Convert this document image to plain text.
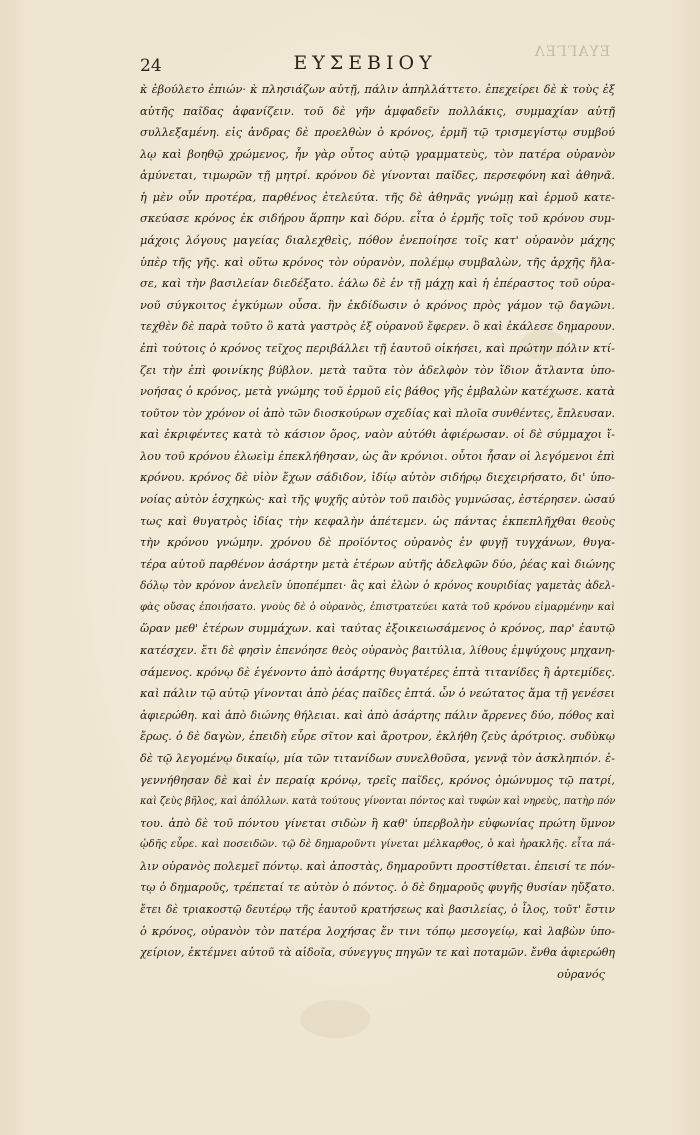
ΕΥΑΓΓΕΛ
24	ΕΥΣΕΒΙΟΥ
κ̀ ἐβούλετο ἐπιών· κ̀ πλησιάζων αὐτῇ, πάλιν ἀπηλλάττετο. ἐπεχείρει δὲ κ̀ τοὺς ἐξ
αὐτῆς παῖδας ἀφανίζειν. τοῦ δὲ γῆν ἀμφαδεῖν πολλάκις, συμμαχίαν αὐτῇ
συλλεξαμένη. εἰς ἀνδρας δὲ προελθὼν ὁ κρόνος, ἑρμῆ τῷ τρισμεγίστῳ συμβού
λῳ καὶ βοηθῷ χρώμενος, ἦν γὰρ οὗτος αὐτῷ γραμματεὺς, τὸν πατέρα οὐρανὸν
ἀμύνεται, τιμωρῶν τῇ μητρί. κρόνου δὲ γίνονται παῖδες, περσεφόνη καὶ ἀθηνᾶ.
ἡ μὲν οὖν προτέρα, παρθένος ἐτελεύτα. τῆς δὲ ἀθηνᾶς γνώμῃ καὶ ἑρμοῦ κατε-
σκεύασε κρόνος ἐκ σιδήρου ἅρπην καὶ δόρυ. εἶτα ὁ ἑρμῆς τοῖς τοῦ κρόνου συμ-
μάχοις λόγους μαγείας διαλεχθεὶς, πόθον ἐνεποίησε τοῖς κατ' οὐρανὸν μάχης
ὑπὲρ τῆς γῆς. καὶ οὕτω κρόνος τὸν οὐρανὸν, πολέμῳ συμβαλὼν, τῆς ἀρχῆς ἤλα-
σε, καὶ τὴν βασιλείαν διεδέξατο. ἑάλω δὲ ἐν τῇ μάχῃ καὶ ἡ ἐπέραστος τοῦ οὐρα-
νοῦ σύγκοιτος ἐγκύμων οὖσα. ἣν ἐκδίδωσιν ὁ κρόνος πρὸς γάμον τῷ δαγῶνι.
τεχθὲν δὲ παρὰ τοῦτο ὃ κατὰ γαστρὸς ἐξ οὐρανοῦ ἔφερεν. ὃ καὶ ἐκάλεσε δημαρουν.
ἐπὶ τούτοις ὁ κρόνος τεῖχος περιβάλλει τῇ ἑαυτοῦ οἰκήσει, καὶ πρώτην πόλιν κτί-
ζει τὴν ἐπὶ φοινίκης βύβλον. μετὰ ταῦτα τὸν ἀδελφὸν τὸν ἴδιον ἄτλαντα ὑπο-
νοήσας ὁ κρόνος, μετὰ γνώμης τοῦ ἑρμοῦ εἰς βάθος γῆς ἐμβαλὼν κατέχωσε. κατὰ
τοῦτον τὸν χρόνον οἱ ἀπὸ τῶν διοσκούρων σχεδίας καὶ πλοῖα συνθέντες, ἔπλευσαν.
καὶ ἐκριφέντες κατὰ τὸ κάσιον ὄρος, ναὸν αὐτόθι ἀφιέρωσαν. οἱ δὲ σύμμαχοι ἴ-
λου τοῦ κρόνου ἐλωεὶμ ἐπεκλήθησαν, ὡς ἂν κρόνιοι. οὗτοι ἦσαν οἱ λεγόμενοι ἐπὶ
κρόνου. κρόνος δὲ υἱὸν ἔχων σάδιδον, ἰδίῳ αὐτὸν σιδήρῳ διεχειρήσατο, δι' ὑπο-
νοίας αὐτὸν ἐσχηκὼς· καὶ τῆς ψυχῆς αὐτὸν τοῦ παιδὸς γυμνώσας, ἐστέρησεν. ὡσαύ
τως καὶ θυγατρὸς ἰδίας τὴν κεφαλὴν ἀπέτεμεν. ὡς πάντας ἐκπεπλῆχθαι θεοὺς
τὴν κρόνου γνώμην. χρόνου δὲ προϊόντος οὐρανὸς ἐν φυγῇ τυγχάνων, θυγα-
τέρα αὐτοῦ παρθένον ἀσάρτην μετὰ ἑτέρων αὐτῆς ἀδελφῶν δύο, ῥέας καὶ διώνης
δόλῳ τὸν κρόνον ἀνελεῖν ὑποπέμπει· ἃς καὶ ἑλὼν ὁ κρόνος κουριδίας γαμετὰς ἀδελ-
φὰς οὔσας ἐποιήσατο. γνοὺς δὲ ὁ οὐρανὸς, ἐπιστρατεύει κατὰ τοῦ κρόνου εἱμαρμένην καὶ
ὥραν μεθ' ἑτέρων συμμάχων. καὶ ταύτας ἐξοικειωσάμενος ὁ κρόνος, παρ' ἑαυτῷ
κατέσχεν. ἔτι δὲ φησὶν ἐπενόησε θεὸς οὐρανὸς βαιτύλια, λίθους ἐμψύχους μηχανη-
σάμενος. κρόνῳ δὲ ἐγένοντο ἀπὸ ἀσάρτης θυγατέρες ἑπτὰ τιτανίδες ἢ ἀρτεμίδες.
καὶ πάλιν τῷ αὐτῷ γίνονται ἀπὸ ῥέας παῖδες ἑπτά. ὧν ὁ νεώτατος ἅμα τῇ γενέσει
ἀφιερώθη. καὶ ἀπὸ διώνης θήλειαι. καὶ ἀπὸ ἀσάρτης πάλιν ἄρρενες δύο, πόθος καὶ
ἔρως. ὁ δὲ δαγὼν, ἐπειδὴ εὗρε σῖτον καὶ ἄροτρον, ἐκλήθη ζεὺς ἀρότριος. συδὺκῳ
δὲ τῷ λεγομένῳ δικαίῳ, μία τῶν τιτανίδων συνελθοῦσα, γεννᾷ τὸν ἀσκληπιόν. ἐ-
γεννήθησαν δὲ καὶ ἐν περαίᾳ κρόνῳ, τρεῖς παῖδες, κρόνος ὁμώνυμος τῷ πατρί,
καὶ ζεὺς βῆλος, καὶ ἀπόλλων. κατὰ τούτους γίνονται πόντος καὶ τυφὼν καὶ νηρεὺς, πατὴρ πόν
του. ἀπὸ δὲ τοῦ πόντου γίνεται σιδὼν ἣ καθ' ὑπερβολὴν εὐφωνίας πρώτη ὕμνον
ᾠδῆς εὗρε. καὶ ποσειδῶν. τῷ δὲ δημαροῦντι γίνεται μέλκαρθος, ὁ καὶ ἡρακλῆς. εἶτα πά-
λιν οὐρανὸς πολεμεῖ πόντῳ. καὶ ἀποστὰς, δημαροῦντι προστίθεται. ἐπεισί τε πόν-
τῳ ὁ δημαροῦς, τρέπεταί τε αὐτὸν ὁ πόντος. ὁ δὲ δημαροῦς φυγῆς θυσίαν ηὔξατο.
ἔτει δὲ τριακοστῷ δευτέρῳ τῆς ἑαυτοῦ κρατήσεως καὶ βασιλείας, ὁ ἶλος, τοῦτ' ἔστιν
ὁ κρόνος, οὐρανὸν τὸν πατέρα λοχήσας ἔν τινι τόπῳ μεσογείῳ, καὶ λαβὼν ὑπο-
χείριον, ἐκτέμνει αὐτοῦ τὰ αἰδοῖα, σύνεγγυς πηγῶν τε καὶ ποταμῶν. ἔνθα ἀφιερώθη
οὐρανός
